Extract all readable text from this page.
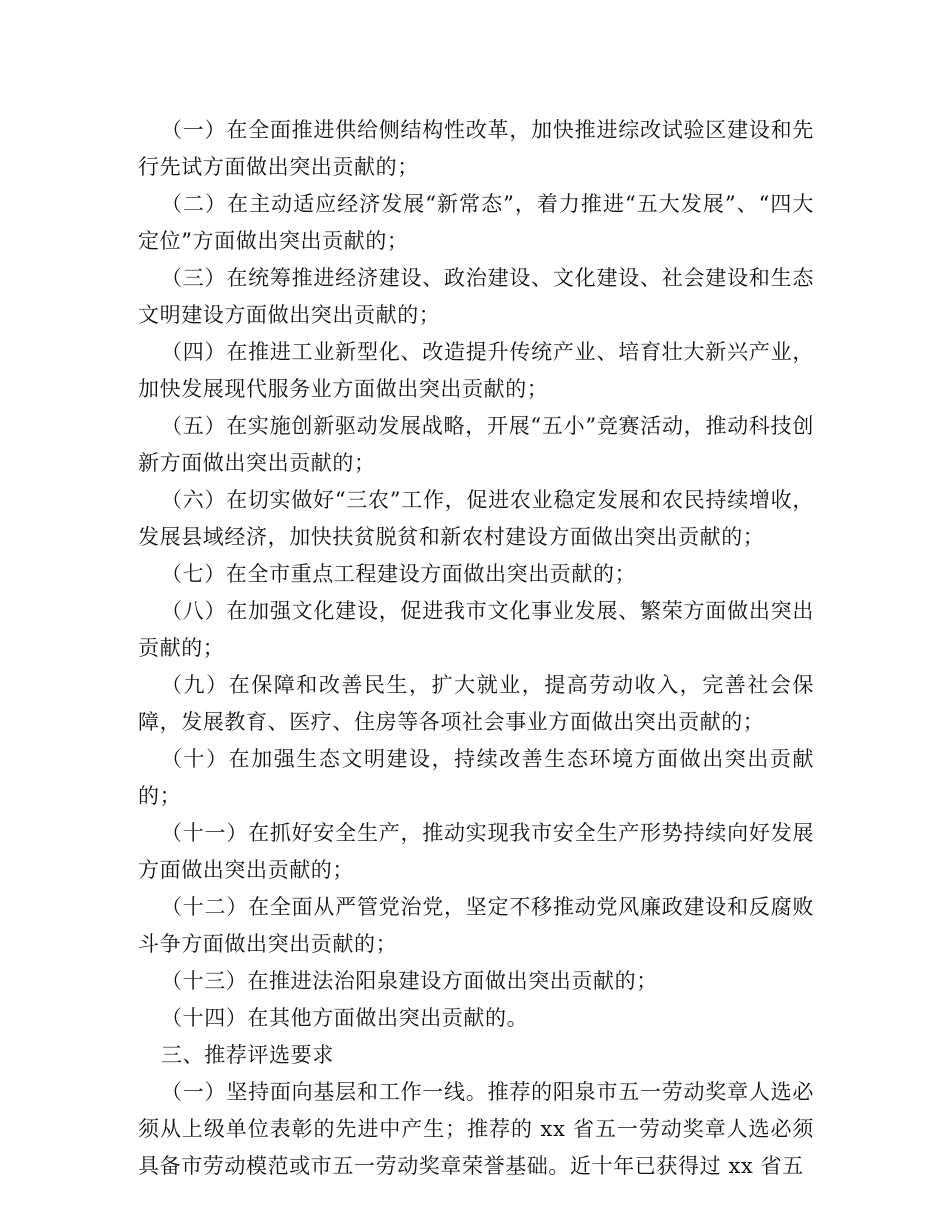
（一）在全面推进供给侧结构性改革，加快推进综改试验区建设和先行先试方面做出突出贡献的；

（二）在主动适应经济发展“新常态”，着力推进“五大发展”、“四大定位”方面做出突出贡献的；

（三）在统筹推进经济建设、政治建设、文化建设、社会建设和生态文明建设方面做出突出贡献的；

（四）在推进工业新型化、改造提升传统产业、培育壮大新兴产业，加快发展现代服务业方面做出突出贡献的；

（五）在实施创新驱动发展战略，开展“五小”竞赛活动，推动科技创新方面做出突出贡献的；

（六）在切实做好“三农”工作，促进农业稳定发展和农民持续增收，发展县域经济，加快扶贫脱贫和新农村建设方面做出突出贡献的；

（七）在全市重点工程建设方面做出突出贡献的；

（八）在加强文化建设，促进我市文化事业发展、繁荣方面做出突出贡献的；

（九）在保障和改善民生，扩大就业，提高劳动收入，完善社会保障，发展教育、医疗、住房等各项社会事业方面做出突出贡献的；

（十）在加强生态文明建设，持续改善生态环境方面做出突出贡献的；

（十一）在抓好安全生产，推动实现我市安全生产形势持续向好发展方面做出突出贡献的；

（十二）在全面从严管党治党，坚定不移推动党风廉政建设和反腐败斗争方面做出突出贡献的；

（十三）在推进法治阳泉建设方面做出突出贡献的；

（十四）在其他方面做出突出贡献的。

三、推荐评选要求

（一）坚持面向基层和工作一线。推荐的阳泉市五一劳动奖章人选必须从上级单位表彰的先进中产生；推荐的 xx 省五一劳动奖章人选必须具备市劳动模范或市五一劳动奖章荣誉基础。近十年已获得过 xx 省五
